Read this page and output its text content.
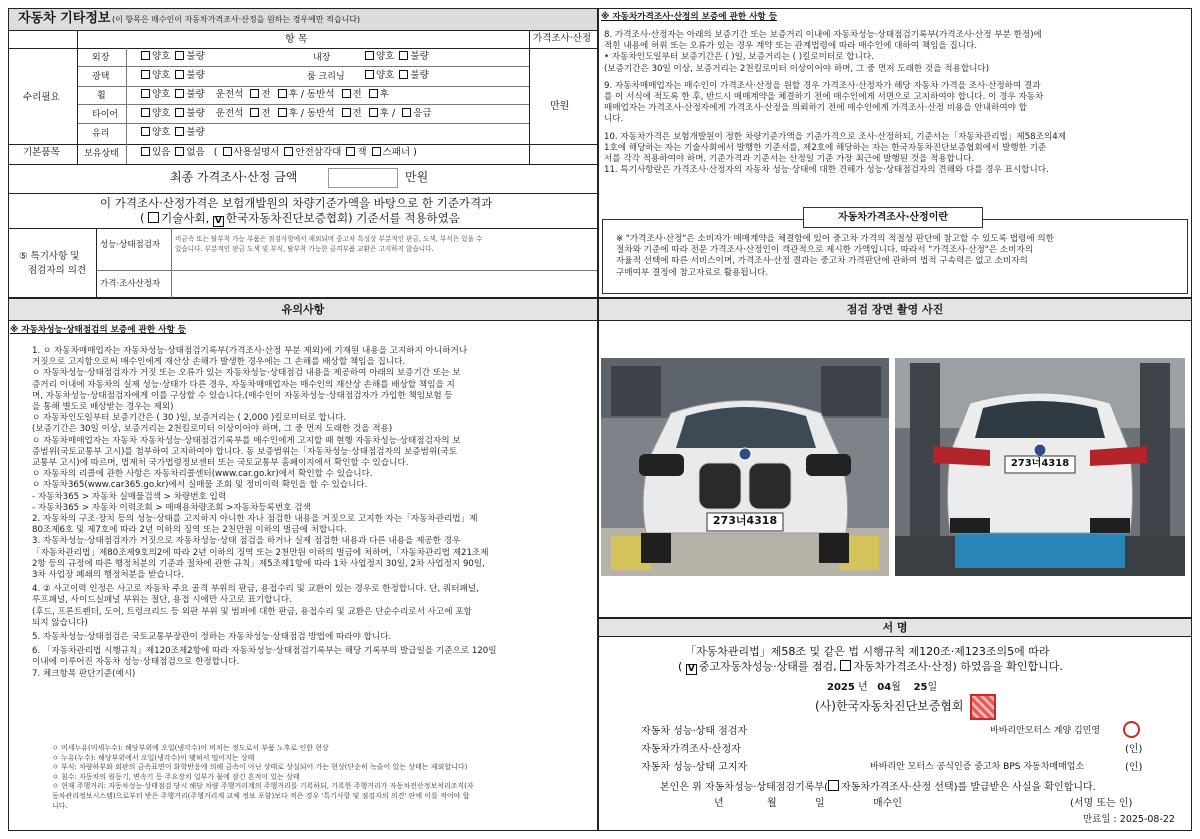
자동차 기타정보 (이 항목은 매수인이 자동차가격조사·산정을 원하는 경우에만 적습니다)
항 목	가격조사·산정
수리필요
기본품목
만원
외장	양호 불량	내장	양호 불량
광택	양호 불량	룸 크리닝	양호 불량
휠	양호 불량 운전석 전 후 / 동반석 전 후
타이어	양호 불량 운전석 전 후 / 동반석 전 후 / 응급
유리	양호 불량
보유상태	있음 없음 ( 사용설명서 안전삼각대 잭 스패너 )
최종 가격조사·산정 금액	만원
이 가격조사·산정가격은 보험개발원의 차량기준가액을 바탕으로 한 기준가격과
( 기술사회, V 한국자동차진단보증협회) 기준서를 적용하였음
⑤ 특기사항 및
점검자의 의견
성능·상태점검자
비금속 또는 탈부착 가능 부품은 점검사항에서 제외되며 중고차 특성상 부분적인 판금, 도색, 부식은 있을 수
있습니다. 부분적인 판금 도색 및 부식, 탈부착 가능한 골격부품 교환은 고지하지 않습니다.
가격·조사산정자
※ 자동차가격조사·산정의 보증에 관한 사항 등
8. 가격조사·산정자는 아래의 보증기간 또는 보증거리 이내에 자동차성능·상태점검기록부(가격조사·산정 부분 한정)에
적힌 내용에 허위 또는 오류가 있는 경우 계약 또는 관계법령에 따라 매수인에 대하여 책임을 집니다.
• 자동차인도일부터 보증기간은 ( )일, 보증거리는 ( )킬로미터로 합니다.
(보증기간은 30일 이상, 보증거리는 2천킬로미터 이상이어야 하며, 그 중 먼저 도래한 것을 적용합니다)
9. 자동차매매업자는 매수인이 가격조사·산정을 원할 경우 가격조사·산정자가 해당 자동차 가격을 조사·산정하여 결과
를 이 서식에 적도록 한 후, 반드시 매매계약을 체결하기 전에 매수인에게 서면으로 고지하여야 합니다. 이 경우 자동차
매매업자는 가격조사·산정자에게 가격조사·산정을 의뢰하기 전에 매수인에게 가격조사·산정 비용을 안내하여야 합
니다.
10. 자동차가격은 보험개발원이 정한 차량기준가액을 기준가격으로 조사·산정하되, 기준서는「자동차관리법」제58조의4제
1호에 해당하는 자는 기술사회에서 발행한 기준서를, 제2호에 해당하는 자는 한국자동차진단보증협회에서 발행한 기준
서를 각각 적용하여야 하며, 기준가격과 기준서는 산정일 기준 가장 최근에 발행된 것을 적용합니다.
11. 특기사항란은 가격조사·산정자의 자동차 성능·상태에 대한 견해가 성능·상태점검자의 견해와 다를 경우 표시합니다.
자동차가격조사·산정이란
※ "가격조사·산정"은 소비자가 매매계약을 체결함에 있어 중고차 가격의 적절성 판단에 참고할 수 있도록 법령에 의한
절차와 기준에 따라 전문 가격조사·산정인이 객관적으로 제시한 가액입니다. 따라서 "가격조사·산정"은 소비자의
자율적 선택에 따른 서비스이며, 가격조사·산정 결과는 중고차 가격판단에 관하여 법적 구속력은 없고 소비자의
구매여부 결정에 참고자료로 활용됩니다.
유의사항
※ 자동차성능·상태점검의 보증에 관한 사항 등
1. ㅇ 자동차매매업자는 자동차성능·상태점검기록부(가격조사·산정 부분 제외)에 기재된 내용을 고지하지 아니하거나
거짓으로 고지함으로써 매수인에게 재산상 손해가 발생한 경우에는 그 손해를 배상할 책임을 집니다.
ㅇ 자동차성능·상태점검자가 거짓 또는 오류가 있는 자동차성능·상태점검 내용을 제공하여 아래의 보증기간 또는 보
증거리 이내에 자동차의 실제 성능·상태가 다른 경우, 자동차매매업자는 매수인의 재산상 손해를 배상할 책임을 지
며, 자동차성능·상태점검자에게 이를 구상할 수 있습니다.(매수인이 자동차성능·상태점검자가 가입한 책임보험 등
을 통해 별도로 배상받는 경우는 제외)
ㅇ 자동차인도일부터 보증기간은 ( 30 )일, 보증거리는 ( 2,000 )킬로미터로 합니다.
(보증기간은 30일 이상, 보증거리는 2천킬로미터 이상이어야 하며, 그 중 먼저 도래한 것을 적용)
ㅇ 자동차매매업자는 자동차 자동차성능·상태점검기록부를 매수인에게 고지할 때 현행 자동차성능·상태점검자의 보
증범위(국토교통부 고시)를 첨부하여 고지하여야 합니다. 동 보증범위는「자동차성능·상태점검자의 보증범위(국토
교통부 고시)에 따르며, 법제처 국가법령정보센터 또는 국토교통부 홈페이지에서 확인할 수 있습니다.
ㅇ 자동차의 리콜에 관한 사항은 자동차리콜센터(www.car.go.kr)에서 확인할 수 있습니다.
ㅇ 자동차365(www.car365.go.kr)에서 실매물 조회 및 정비이력 확인을 할 수 있습니다.
- 자동차365 > 자동차 실매물검색 > 차량번호 입력
- 자동차365 > 자동차 이력조회 > 매매용차량조회 >자동차등록번호 검색
2. 자동차의 구조·장치 등의 성능·상태를 고지하지 아니한 자나 점검한 내용을 거짓으로 고지한 자는「자동차관리법」제
80조제6호 및 제7호에 따라 2년 이하의 징역 또는 2천만원 이하의 벌금에 처합니다.
3. 자동차성능·상태점검자가 거짓으로 자동차성능·상태 점검을 하거나 실제 점검한 내용과 다른 내용을 제공한 경우
「자동차관리법」제80조제9호의2에 따라 2년 이하의 징역 또는 2천만원 이하의 벌금에 처하며,「자동차관리법 제21조제
2항 등의 규정에 따른 행정처분의 기준과 절차에 관한 규칙」제5조제1항에 따라 1차 사업정지 30일, 2차 사업정지 90일,
3차 사업장 폐쇄의 행정처분을 받습니다.
4. ② 사고이력 인정은 사고로 자동차 주요 골격 부위의 판금, 용접수리 및 교환이 있는 경우로 한정합니다. 단, 쿼터패널,
루프패널, 사이드실패널 부위는 절단, 용접 시에만 사고로 표기합니다.
(후드, 프론트펜더, 도어, 트렁크리드 등 외판 부위 및 범퍼에 대한 판금, 용접수리 및 교환은 단순수리로서 사고에 포함
되지 않습니다)
5. 자동차성능·상태점검은 국토교통부장관이 정하는 자동차성능·상태점검 방법에 따라야 합니다.
6. 「자동차관리법 시행규칙」제120조제2항에 따라 자동차성능·상태점검기록부는 해당 기록부의 발급일을 기준으로 120일
이내에 이루어진 자동차 성능·상태점검으로 한정합니다.
7. 체크항목 판단기준(예시)
ㅇ 미세누유(미세누수): 해당부위에 오일(냉각수)이 비치는 정도로서 부품 노후로 인한 현상
ㅇ 누유(누수): 해당부위에서 오일(냉각수)이 맺혀서 떨어지는 상태
ㅇ 부식: 차량하부와 외판의 금속표면이 화학반응에 의해 금속이 아닌 상태로 상실되어 가는 현상(단순히 녹슬어 있는 상태는 제외합니다)
ㅇ 침수: 자동차의 원동기, 변속기 등 주요장치 일부가 물에 잠긴 흔적이 있는 상태
ㅇ 현재 주행거리: 자동차성능·상태점검 당시 해당 차량 주행거리계의 주행거리를 기록하되, 기록한 주행거리가 자동차전산정보처리조직(자
동차관리정보시스템)으로부터 받은 주행거리(주행거리계 교체 정보 포함)보다 적은 경우 '특기사항 및 점검자의 의견' 란에 이를 적어야 합
니다.
점검 장면 촬영 사진
273너4318
273너4318
서 명
「자동차관리법」제58조 및 같은 법 시행규칙 제120조·제123조의5에 따라
( V 중고자동차성능·상태를 점검, 자동차가격조사·산정) 하였음을 확인합니다.
2025 년 04월 25일
(사)한국자동차진단보증협회
자동차 성능·상태 점검자	바바리안모터스 계양 김민영
자동차가격조사·산정자	(인)
자동차 성능·상태 고지자	바바리안 모터스 공식인증 중고차 BPS 자동차매매업소	(인)
본인은 위 자동차성능·상태점검기록부( 자동차가격조사·산정 선택)를 발급받은 사실을 확인합니다.
년	월	일	매수인	(서명 또는 인)
만료일 : 2025-08-22
